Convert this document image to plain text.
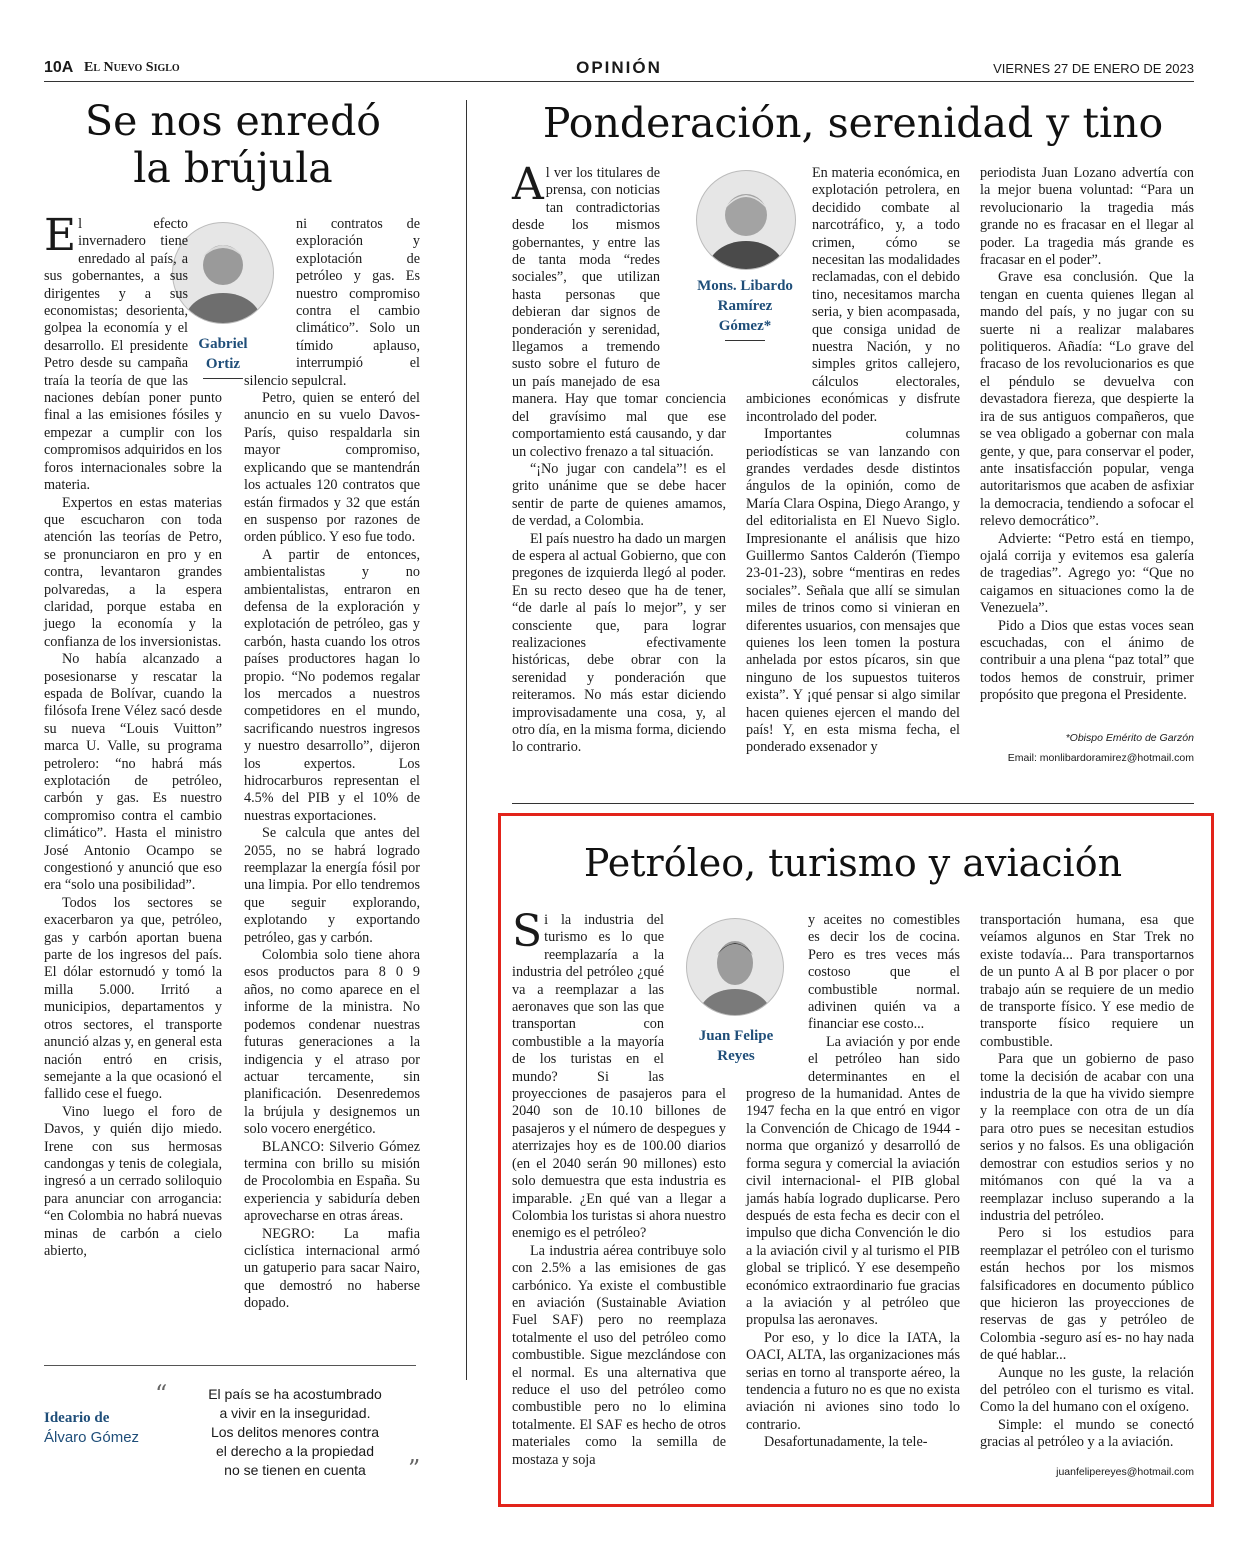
10A El Nuevo Siglo	OPINIÓN	VIERNES 27 DE ENERO DE 2023
Se nos enredó
la brújula
Gabriel
Ortiz

El efecto invernadero tiene enredado al país, a sus gobernantes, a sus dirigentes y a sus economistas; desorienta, golpea la economía y el desarrollo. El presidente Petro desde su campaña traía la teoría de que las naciones debían poner punto final a las emisiones fósiles y empezar a cumplir con los compromisos adquiridos en los foros internacionales sobre la materia.

Expertos en estas materias que escucharon con toda atención las teorías de Petro, se pronunciaron en pro y en contra, levantaron grandes polvaredas, a la espera claridad, porque estaba en juego la economía y la confianza de los inversionistas.

No había alcanzado a posesionarse y rescatar la espada de Bolívar, cuando la filósofa Irene Vélez sacó desde su nueva “Louis Vuitton” marca U. Valle, su programa petrolero: “no habrá más explotación de petróleo, carbón y gas. Es nuestro compromiso contra el cambio climático”. Hasta el ministro José Antonio Ocampo se congestionó y anunció que eso era “solo una posibilidad”.

Todos los sectores se exacerbaron ya que, petróleo, gas y carbón aportan buena parte de los ingresos del país. El dólar estornudó y tomó la milla 5.000. Irritó a municipios, departamentos y otros sectores, el transporte anunció alzas y, en general esta nación entró en crisis, semejante a la que ocasionó el fallido cese el fuego.

Vino luego el foro de Davos, y quién dijo miedo. Irene con sus hermosas candongas y tenis de colegiala, ingresó a un cerrado soliloquio para anunciar con arrogancia: “en Colombia no habrá nuevas minas de carbón a cielo abierto,

ni contratos de exploración y explotación de petróleo y gas. Es nuestro compromiso contra el cambio climático”. Solo un tímido aplauso, interrumpió el silencio sepulcral.

Petro, quien se enteró del anuncio en su vuelo Davos-París, quiso respaldarla sin mayor compromiso, explicando que se mantendrán los actuales 120 contratos que están firmados y 32 que están en suspenso por razones de orden público. Y eso fue todo.

A partir de entonces, ambientalistas y no ambientalistas, entraron en defensa de la exploración y explotación de petróleo, gas y carbón, hasta cuando los otros países productores hagan lo propio. “No podemos regalar los mercados a nuestros competidores en el mundo, sacrificando nuestros ingresos y nuestro desarrollo”, dijeron los expertos. Los hidrocarburos representan el 4.5% del PIB y el 10% de nuestras exportaciones.

Se calcula que antes del 2055, no se habrá logrado reemplazar la energía fósil por una limpia. Por ello tendremos que seguir explorando, explotando y exportando petróleo, gas y carbón.

Colombia solo tiene ahora esos productos para 8 0 9 años, no como aparece en el informe de la ministra. No podemos condenar nuestras futuras generaciones a la indigencia y el atraso por actuar tercamente, sin planificación. Desenredemos la brújula y designemos un solo vocero energético.

BLANCO: Silverio Gómez termina con brillo su misión de Procolombia en España. Su experiencia y sabiduría deben aprovecharse en otras áreas.

NEGRO: La mafia ciclística internacional armó un gatuperio para sacar Nairo, que demostró no haberse dopado.

Ponderación, serenidad y tino
Mons. Libardo
Ramírez
Gómez*

Al ver los titulares de prensa, con noticias tan contradictorias desde los mismos gobernantes, y entre las de tanta moda “redes sociales”, que utilizan hasta personas que debieran dar signos de ponderación y serenidad, llegamos a tremendo susto sobre el futuro de un país manejado de esa manera. Hay que tomar conciencia del gravísimo mal que ese comportamiento está causando, y dar un colectivo frenazo a tal situación.

“¡No jugar con candela”! es el grito unánime que se debe hacer sentir de parte de quienes amamos, de verdad, a Colombia.

El país nuestro ha dado un margen de espera al actual Gobierno, que con pregones de izquierda llegó al poder. En su recto deseo que ha de tener, “de darle al país lo mejor”, y ser consciente que, para lograr realizaciones efectivamente históricas, debe obrar con la serenidad y ponderación que reiteramos. No más estar diciendo improvisadamente una cosa, y, al otro día, en la misma forma, diciendo lo contrario.

En materia económica, en explotación petrolera, en decidido combate al narcotráfico, y, a todo crimen, cómo se necesitan las modalidades reclamadas, con el debido tino, necesitamos marcha seria, y bien acompasada, que consiga unidad de nuestra Nación, y no simples gritos callejero, cálculos electorales, ambiciones económicas y disfrute incontrolado del poder.

Importantes columnas periodísticas se van lanzando con grandes verdades desde distintos ángulos de la opinión, como de María Clara Ospina, Diego Arango, y del editorialista en El Nuevo Siglo. Impresionante el análisis que hizo Guillermo Santos Calderón (Tiempo 23-01-23), sobre “mentiras en redes sociales”. Señala que allí se simulan miles de trinos como si vinieran en diferentes usuarios, con mensajes que quienes los leen tomen la postura anhelada por estos pícaros, sin que ninguno de los supuestos tuiteros exista”. Y ¡qué pensar si algo similar hacen quienes ejercen el mando del país! Y, en esta misma fecha, el ponderado exsenador y

periodista Juan Lozano advertía con la mejor buena voluntad: “Para un revolucionario la tragedia más grande no es fracasar en el llegar al poder. La tragedia más grande es fracasar en el poder”.

Grave esa conclusión. Que la tengan en cuenta quienes llegan al mando del país, y no jugar con su suerte ni a realizar malabares politiqueros. Añadía: “Lo grave del fracaso de los revolucionarios es que el péndulo se devuelva con devastadora fiereza, que despierte la ira de sus antiguos compañeros, que se vea obligado a gobernar con mala gente, y que, para conservar el poder, ante insatisfacción popular, venga autoritarismos que acaben de asfixiar la democracia, tendiendo a sofocar el relevo democrático”.

Advierte: “Petro está en tiempo, ojalá corrija y evitemos esa galería de tragedias”. Agrego yo: “Que no caigamos en situaciones como la de Venezuela”.

Pido a Dios que estas voces sean escuchadas, con el ánimo de contribuir a una plena “paz total” que todos hemos de construir, primer propósito que pregona el Presidente.

*Obispo Emérito de Garzón
Email: monlibardoramirez@hotmail.com
Petróleo, turismo y aviación
Juan Felipe
Reyes

Si la industria del turismo es lo que reemplazaría a la industria del petróleo ¿qué va a reemplazar a las aeronaves que son las que transportan con combustible a la mayoría de los turistas en el mundo? Si las proyecciones de pasajeros para el 2040 son de 10.10 billones de pasajeros y el número de despegues y aterrizajes hoy es de 100.00 diarios (en el 2040 serán 90 millones) esto solo demuestra que esta industria es imparable. ¿En qué van a llegar a Colombia los turistas si ahora nuestro enemigo es el petróleo?

La industria aérea contribuye solo con 2.5% a las emisiones de gas carbónico. Ya existe el combustible en aviación (Sustainable Aviation Fuel SAF) pero no reemplaza totalmente el uso del petróleo como combustible. Sigue mezclándose con el normal. Es una alternativa que reduce el uso del petróleo como combustible pero no lo elimina totalmente. El SAF es hecho de otros materiales como la semilla de mostaza y soja

y aceites no comestibles es decir los de cocina. Pero es tres veces más costoso que el combustible normal. adivinen quién va a financiar ese costo...

La aviación y por ende el petróleo han sido determinantes en el progreso de la humanidad. Antes de 1947 fecha en la que entró en vigor la Convención de Chicago de 1944 -norma que organizó y desarrolló de forma segura y comercial la aviación civil internacional- el PIB global jamás había logrado duplicarse. Pero después de esta fecha es decir con el impulso que dicha Convención le dio a la aviación civil y al turismo el PIB global se triplicó. Y ese desempeño económico extraordinario fue gracias a la aviación y al petróleo que propulsa las aeronaves.

Por eso, y lo dice la IATA, la OACI, ALTA, las organizaciones más serias en torno al transporte aéreo, la tendencia a futuro no es que no exista aviación ni aviones sino todo lo contrario.

Desafortunadamente, la tele-

transportación humana, esa que veíamos algunos en Star Trek no existe todavía... Para transportarnos de un punto A al B por placer o por trabajo aún se requiere de un medio de transporte físico. Y ese medio de transporte físico requiere un combustible.

Para que un gobierno de paso tome la decisión de acabar con una industria de la que ha vivido siempre y la reemplace con otra de un día para otro pues se necesitan estudios serios y no falsos. Es una obligación demostrar con estudios serios y no mitómanos con qué la va a reemplazar incluso superando a la industria del petróleo.

Pero si los estudios para reemplazar el petróleo con el turismo están hechos por los mismos falsificadores en documento público que hicieron las proyecciones de reservas de gas y petróleo de Colombia -seguro así es- no hay nada de qué hablar...

Aunque no les guste, la relación del petróleo con el turismo es vital. Como la del humano con el oxígeno.

Simple: el mundo se conectó gracias al petróleo y a la aviación.

juanfelipereyes@hotmail.com
Ideario de
Álvaro Gómez
“	El país se ha acostumbrado
a vivir en la inseguridad.
Los delitos menores contra
el derecho a la propiedad
no se tienen en cuenta	”
